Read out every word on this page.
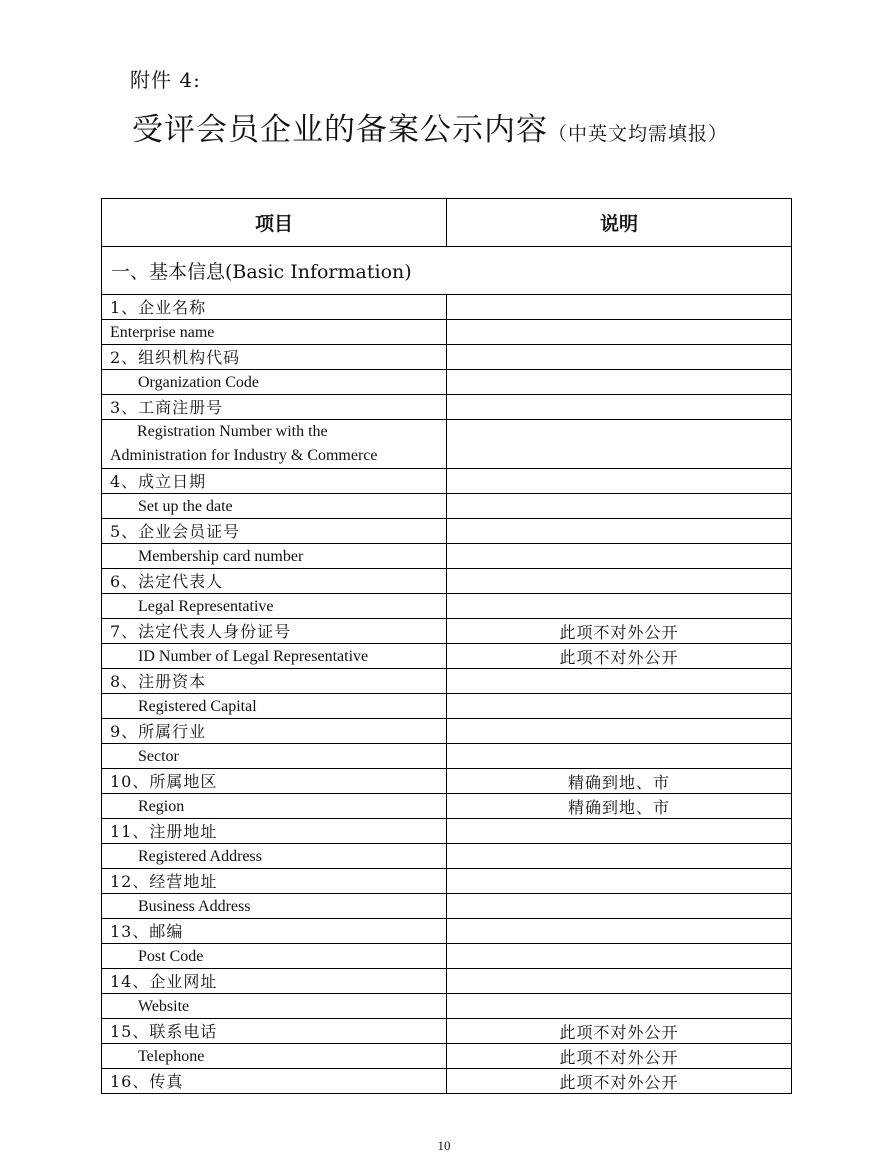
附件 4:
受评会员企业的备案公示内容（中英文均需填报）
项目	说明
一、基本信息(Basic Information)	
1、企业名称	
Enterprise name	
2、组织机构代码	
Organization Code	
3、工商注册号	

Registration Number with the
Administration for Industry & Commerce	
4、成立日期	
Set up the date	
5、企业会员证号	
Membership card number	
6、法定代表人	
Legal Representative	
7、法定代表人身份证号	此项不对外公开
ID Number of Legal Representative	此项不对外公开
8、注册资本	
Registered Capital	
9、所属行业	
Sector	
10、所属地区	精确到地、市
Region	精确到地、市
11、注册地址	
Registered Address	
12、经营地址	
Business Address	
13、邮编	
Post Code	
14、企业网址	
Website	
15、联系电话	此项不对外公开
Telephone	此项不对外公开
16、传真	此项不对外公开
10
